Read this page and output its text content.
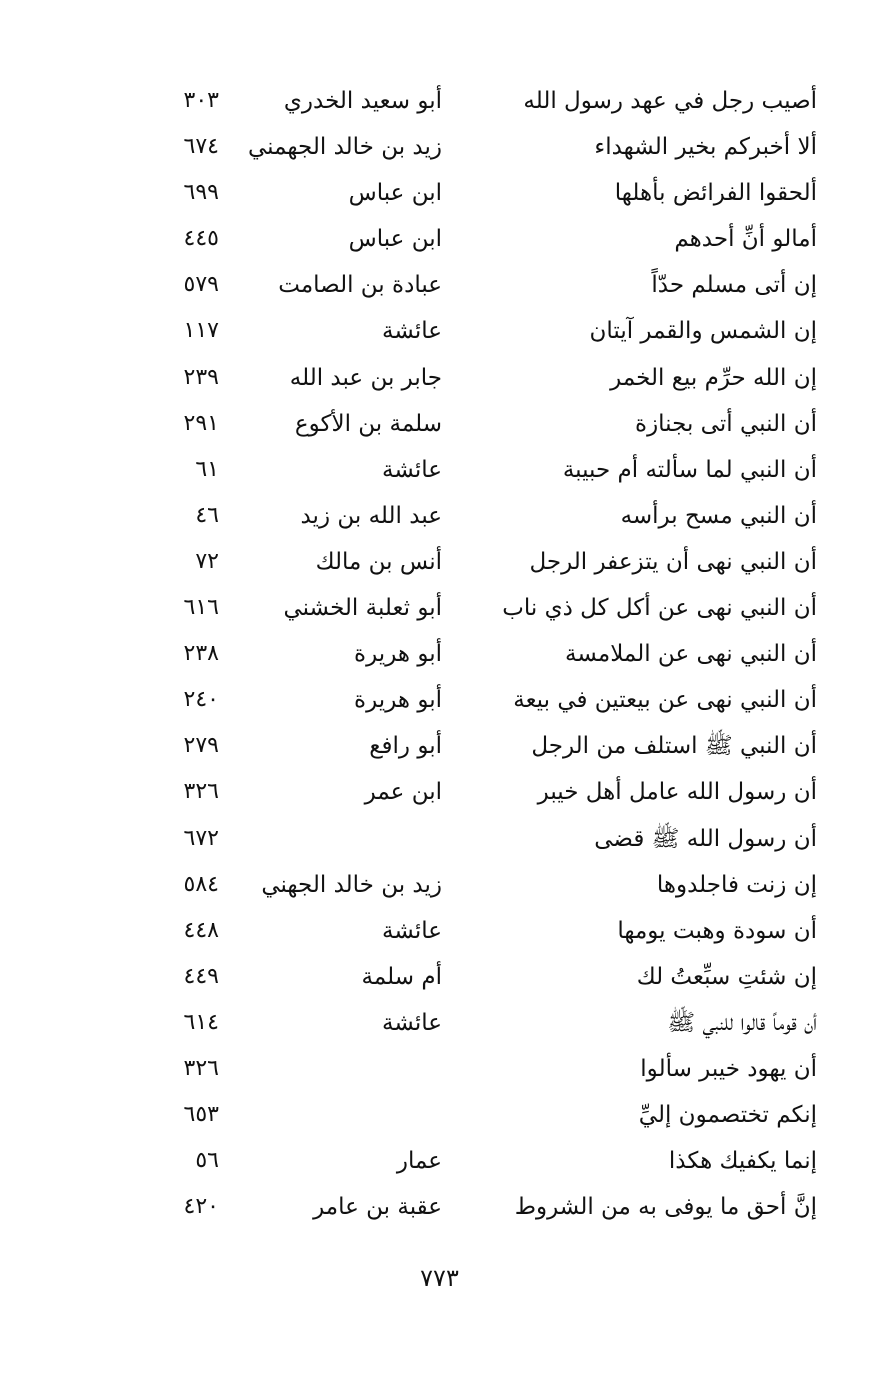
أصيب رجل في عهد رسول الله
أبو سعيد الخدري
٣٠٣
ألا أخبركم بخير الشهداء
زيد بن خالد الجهمني
٦٧٤
ألحقوا الفرائض بأهلها
ابن عباس
٦٩٩
أمالو أنِّ أحدهم
ابن عباس
٤٤٥
إن أتى مسلم حدّاً
عبادة بن الصامت
٥٧٩
إن الشمس والقمر آيتان
عائشة
١١٧
إن الله حرِّم بيع الخمر
جابر بن عبد الله
٢٣٩
أن النبي أتى بجنازة
سلمة بن الأكوع
٢٩١
أن النبي لما سألته أم حبيبة
عائشة
٦١
أن النبي مسح برأسه
عبد الله بن زيد
٤٦
أن النبي نهى أن يتزعفر الرجل
أنس بن مالك
٧٢
أن النبي نهى عن أكل كل ذي ناب
أبو ثعلبة الخشني
٦١٦
أن النبي نهى عن الملامسة
أبو هريرة
٢٣٨
أن النبي نهى عن بيعتين في بيعة
أبو هريرة
٢٤٠
أن النبي ﷺ استلف من الرجل
أبو رافع
٢٧٩
أن رسول الله عامل أهل خيبر
ابن عمر
٣٢٦
أن رسول الله ﷺ قضى
٦٧٢
إن زنت فاجلدوها
زيد بن خالد الجهني
٥٨٤
أن سودة وهبت يومها
عائشة
٤٤٨
إن شئتِ سبِّعتُ لك
أم سلمة
٤٤٩
أن قوماً قالوا للنبي ﷺ
عائشة
٦١٤
أن يهود خيبر سألوا
٣٢٦
إنكم تختصمون إليِّ
٦٥٣
إنما يكفيك هكذا
عمار
٥٦
إنَّ أحق ما يوفى به من الشروط
عقبة بن عامر
٤٢٠
٧٧٣
